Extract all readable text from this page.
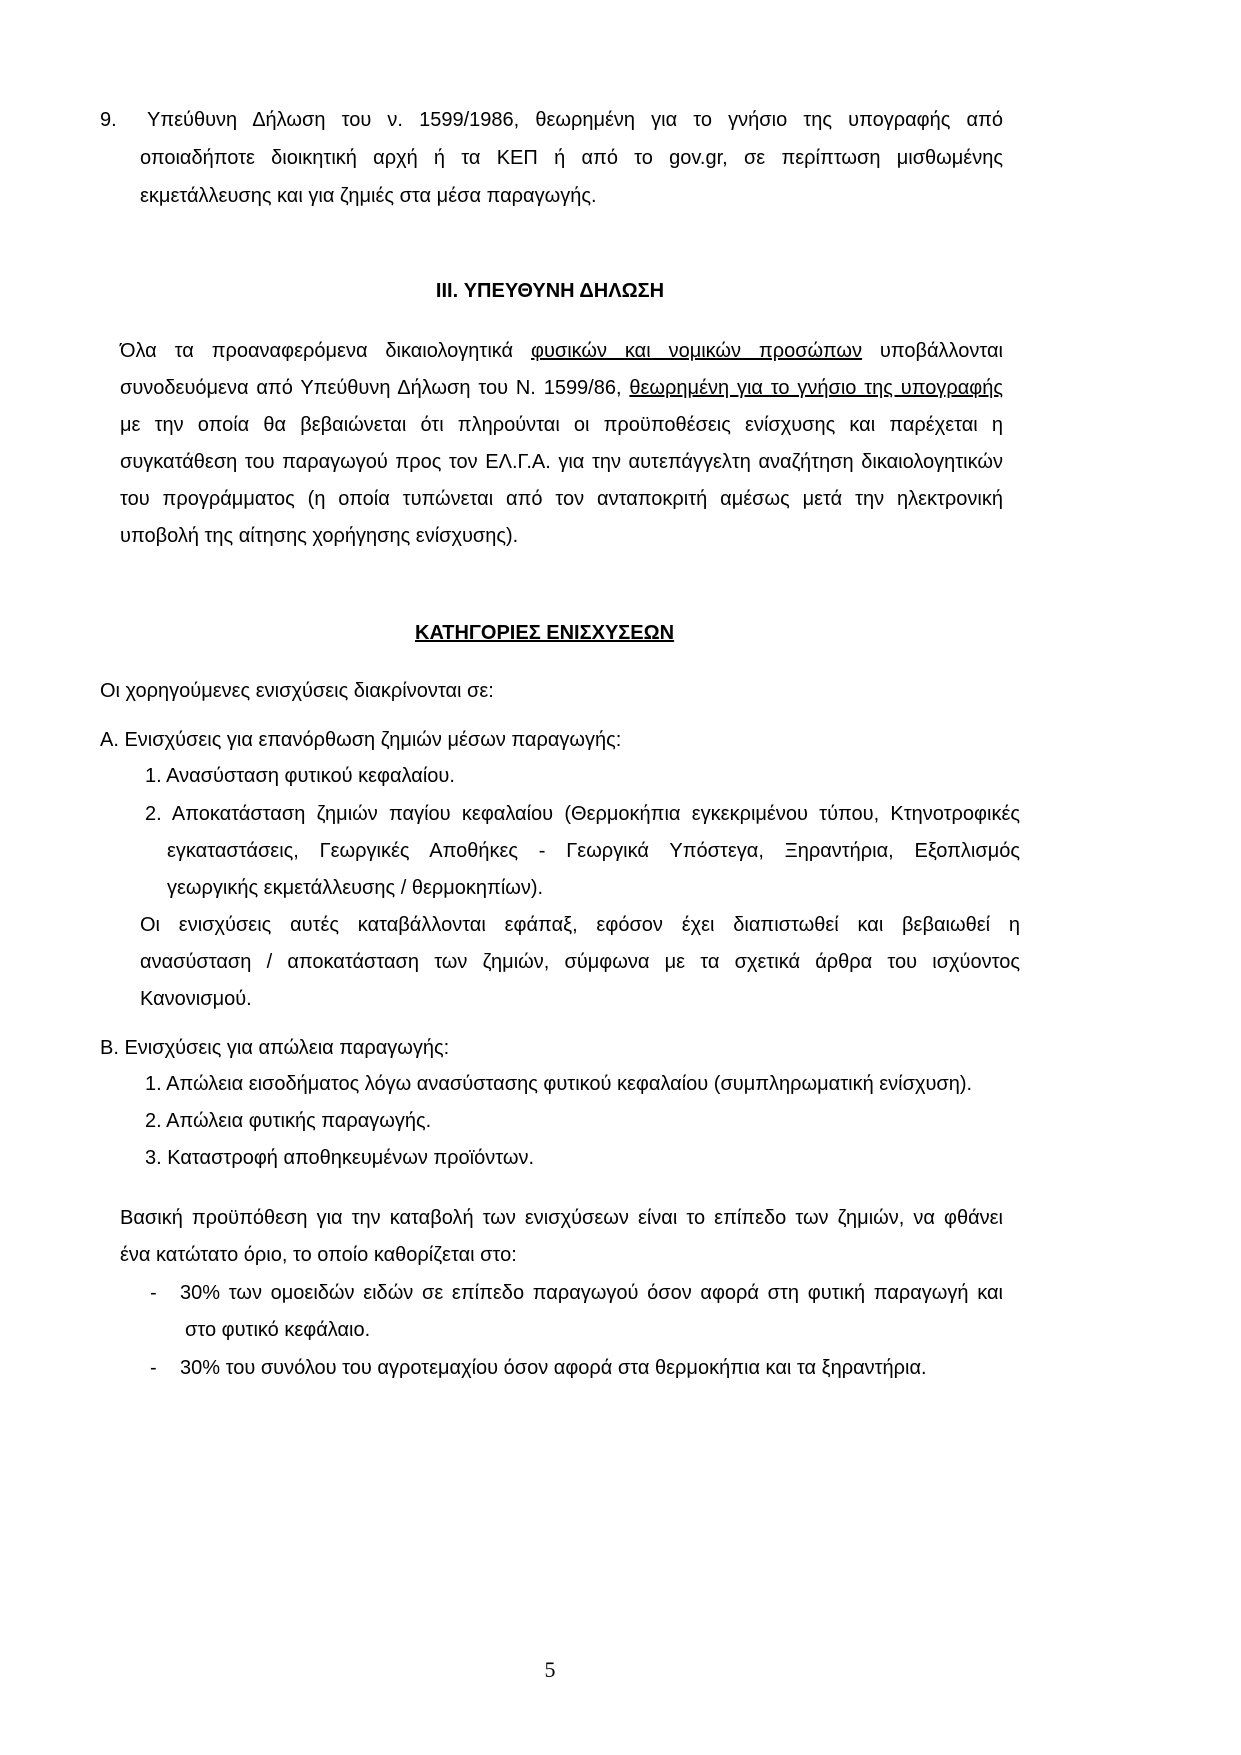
9. Υπεύθυνη Δήλωση του ν. 1599/1986, θεωρημένη για το γνήσιο της υπογραφής από
οποιαδήποτε διοικητική αρχή ή τα ΚΕΠ ή από το gov.gr, σε περίπτωση μισθωμένης
εκμετάλλευσης και για ζημιές στα μέσα παραγωγής.
III. ΥΠΕΥΘΥΝΗ ΔΗΛΩΣΗ
Όλα τα προαναφερόμενα δικαιολογητικά φυσικών και νομικών προσώπων υποβάλλονται
συνοδευόμενα από Υπεύθυνη Δήλωση του Ν. 1599/86, θεωρημένη για το γνήσιο της υπογραφής
με την οποία θα βεβαιώνεται ότι πληρούνται οι προϋποθέσεις ενίσχυσης και παρέχεται η
συγκατάθεση του παραγωγού προς τον ΕΛ.Γ.Α. για την αυτεπάγγελτη αναζήτηση δικαιολογητικών
του προγράμματος (η οποία τυπώνεται από τον ανταποκριτή αμέσως μετά την ηλεκτρονική
υποβολή της αίτησης χορήγησης ενίσχυσης).
ΚΑΤΗΓΟΡΙΕΣ ΕΝΙΣΧΥΣΕΩΝ
Οι χορηγούμενες ενισχύσεις διακρίνονται σε:
Α. Ενισχύσεις για επανόρθωση ζημιών μέσων παραγωγής:
1. Ανασύσταση φυτικού κεφαλαίου.
2. Αποκατάσταση ζημιών παγίου κεφαλαίου (Θερμοκήπια εγκεκριμένου τύπου, Κτηνοτροφικές
εγκαταστάσεις, Γεωργικές Αποθήκες - Γεωργικά Υπόστεγα, Ξηραντήρια, Εξοπλισμός
γεωργικής εκμετάλλευσης / θερμοκηπίων).
Οι ενισχύσεις αυτές καταβάλλονται εφάπαξ, εφόσον έχει διαπιστωθεί και βεβαιωθεί η
ανασύσταση / αποκατάσταση των ζημιών, σύμφωνα με τα σχετικά άρθρα του ισχύοντος
Κανονισμού.
Β. Ενισχύσεις για απώλεια παραγωγής:
1. Απώλεια εισοδήματος λόγω ανασύστασης φυτικού κεφαλαίου (συμπληρωματική ενίσχυση).
2. Απώλεια φυτικής παραγωγής.
3. Καταστροφή αποθηκευμένων προϊόντων.
Βασική προϋπόθεση για την καταβολή των ενισχύσεων είναι το επίπεδο των ζημιών, να φθάνει
ένα κατώτατο όριο, το οποίο καθορίζεται στο:
- 30% των ομοειδών ειδών σε επίπεδο παραγωγού όσον αφορά στη φυτική παραγωγή και
στο φυτικό κεφάλαιο.
- 30% του συνόλου του αγροτεμαχίου όσον αφορά στα θερμοκήπια και τα ξηραντήρια.
5
